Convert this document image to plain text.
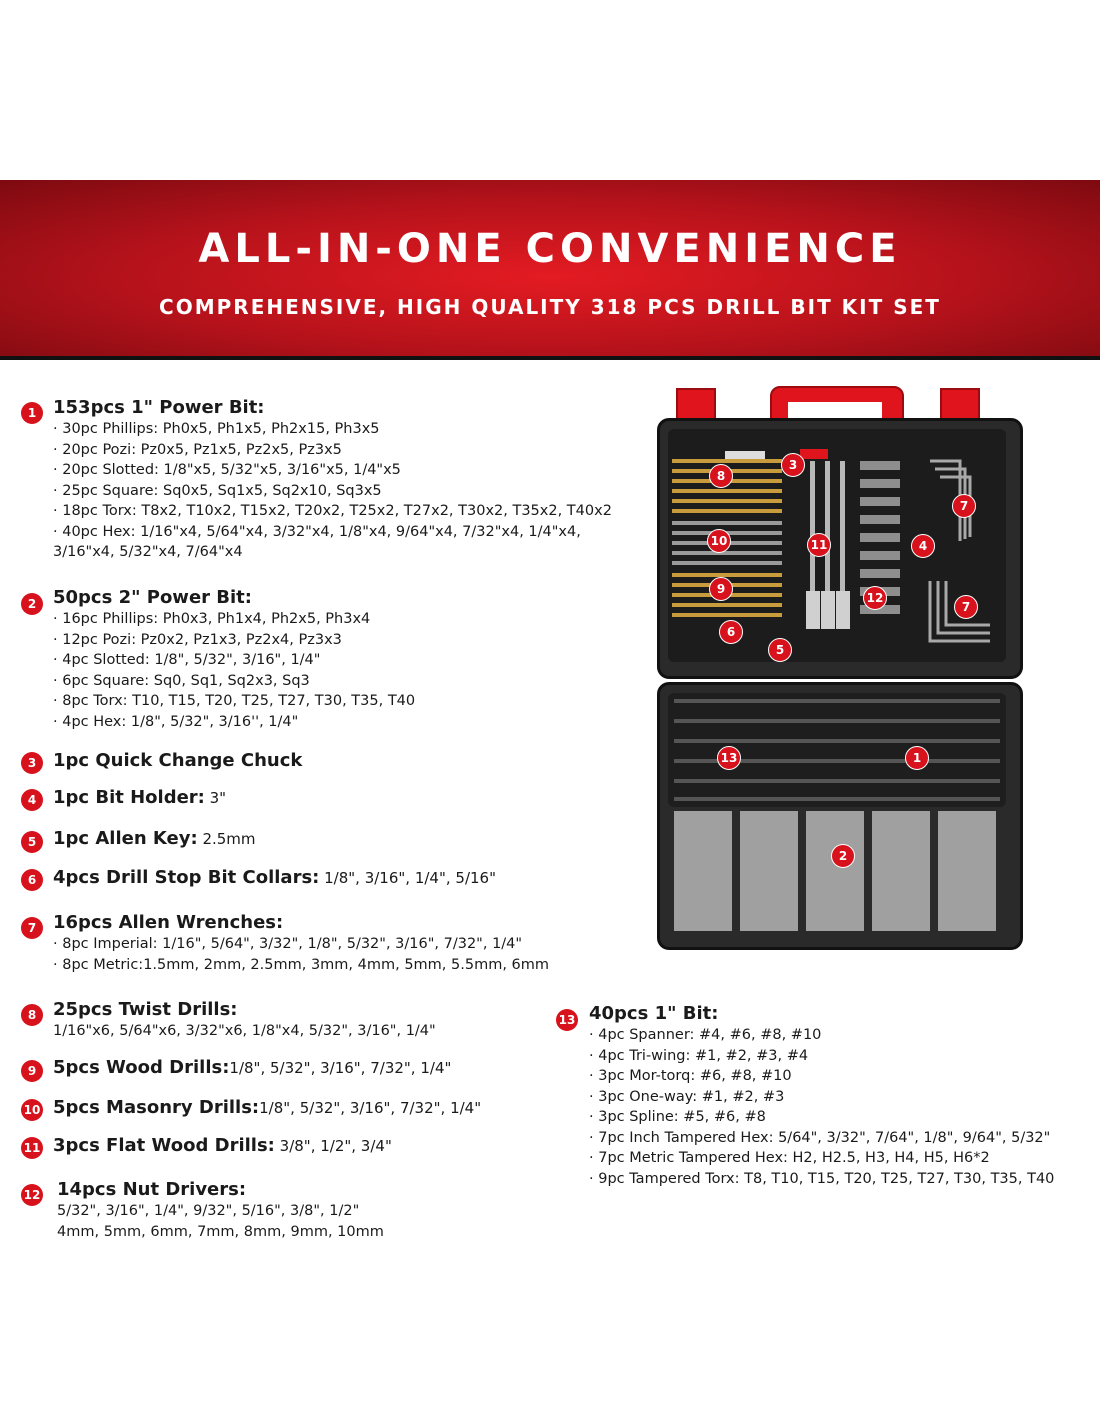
ALL-IN-ONE CONVENIENCE
COMPREHENSIVE, HIGH QUALITY 318 PCS DRILL BIT KIT SET
1 153pcs 1" Power Bit:
· 30pc Phillips: Ph0x5, Ph1x5, Ph2x15, Ph3x5
· 20pc Pozi: Pz0x5, Pz1x5, Pz2x5, Pz3x5
· 20pc Slotted: 1/8"x5, 5/32"x5, 3/16"x5, 1/4"x5
· 25pc Square: Sq0x5, Sq1x5, Sq2x10, Sq3x5
· 18pc Torx: T8x2, T10x2, T15x2, T20x2, T25x2, T27x2, T30x2, T35x2, T40x2
· 40pc Hex: 1/16"x4, 5/64"x4, 3/32"x4, 1/8"x4, 9/64"x4, 7/32"x4, 1/4"x4,
3/16"x4, 5/32"x4, 7/64"x4
2 50pcs 2" Power Bit:
· 16pc Phillips: Ph0x3, Ph1x4, Ph2x5, Ph3x4
· 12pc Pozi: Pz0x2, Pz1x3, Pz2x4, Pz3x3
· 4pc Slotted: 1/8", 5/32", 3/16", 1/4"
· 6pc Square: Sq0, Sq1, Sq2x3, Sq3
· 8pc Torx: T10, T15, T20, T25, T27, T30, T35, T40
· 4pc Hex: 1/8", 5/32", 3/16'', 1/4"
3 1pc Quick Change Chuck
4 1pc Bit Holder: 3"
5 1pc Allen Key: 2.5mm
6 4pcs Drill Stop Bit Collars: 1/8", 3/16", 1/4", 5/16"
7 16pcs Allen Wrenches:
· 8pc Imperial: 1/16", 5/64", 3/32", 1/8", 5/32", 3/16", 7/32", 1/4"
· 8pc Metric:1.5mm, 2mm, 2.5mm, 3mm, 4mm, 5mm, 5.5mm, 6mm
8 25pcs Twist Drills:
1/16"x6, 5/64"x6, 3/32"x6, 1/8"x4, 5/32", 3/16", 1/4"
9 5pcs Wood Drills:1/8", 5/32", 3/16", 7/32", 1/4"
10 5pcs Masonry Drills:1/8", 5/32", 3/16", 7/32", 1/4"
11 3pcs Flat Wood Drills: 3/8", 1/2", 3/4"
12 14pcs Nut Drivers:
5/32", 3/16", 1/4", 9/32", 5/16", 3/8", 1/2"
4mm, 5mm, 6mm, 7mm, 8mm, 9mm, 10mm
13 40pcs 1" Bit:
· 4pc Spanner: #4, #6, #8, #10
· 4pc Tri-wing: #1, #2, #3, #4
· 3pc Mor-torq: #6, #8, #10
· 3pc One-way: #1, #2, #3
· 3pc Spline: #5, #6, #8
· 7pc Inch Tampered Hex: 5/64", 3/32", 7/64", 1/8", 9/64", 5/32"
· 7pc Metric Tampered Hex: H2, H2.5, H3, H4, H5, H6*2
· 9pc Tampered Torx: T8, T10, T15, T20, T25, T27, T30, T35, T40
8
3
7
10	11	4
9
12
7
6
5
13	1
2
